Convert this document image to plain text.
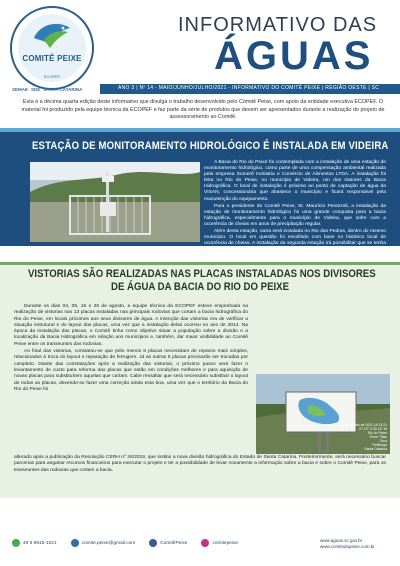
COMITÊ PEIXE
ECOPEF
INFORMATIVO DAS
ÁGUAS
ANO 3 | Nº 14 - MAIO/JUNHO/JULHO/2021 - INFORMATIVO DO COMITÊ PEIXE | REGIÃO OESTE | SC
SEMAE SDE SANTA CATARINA
Esta é a décima quarta edição deste informativo que divulga o trabalho desenvolvido pelo Comitê Peixe, com apoio da entidade executiva ECOPEF. O material foi produzido pela equipe técnica da ECOPEF e faz parte da série de produtos que devem ser apresentados durante a realização do projeto de assessoramento ao Comitê.
ESTAÇÃO DE MONITORAMENTO HIDROLÓGICO É INSTALADA EM VIDEIRA

A Bacia do Rio do Peixe foi contemplada com a instalação de uma estação de monitoramento hidrológico, como parte de uma compensação ambiental realizada pela empresa Somerê Indústria e Comércio de Alimentos LTDA. A instalação foi feita no Rio do Peixe, no município de Videira, um dos maiores da Bacia Hidrográfica. O local de instalação é próximo ao ponto de captação de água da VISAN, concessionária que abastece o município e ficará responsável pela manutenção do equipamento.

Para o presidente do Comitê Peixe, Sr. Maurício Perazzoli, a instalação da estação de monitoramento hidrológico foi uma grande conquista para a bacia hidrográfica, especialmente para o município de Videira, que sofre com a ocorrência de cheias em anos de precipitação regular.

Além desta estação, outra será instalada no Rio das Pedras, dentro do mesmo município. O local em questão foi escolhido com base no histórico local de ocorrência de cheias. A instalação da segunda estação irá possibilitar que se tenha conhecimento prévio da possibilidade de ocorrência de sinistros, possibilitando que os órgãos de defesa civil possam atuar na prevenção de desastres.

VISTORIAS SÃO REALIZADAS NAS PLACAS INSTALADAS NOS DIVISORES
DE ÁGUA DA BACIA DO RIO DO PEIXE

Durante os dias 04, 05, 16 e 25 de agosto, a equipe técnica da ECOPEF esteve empenhada na realização de vistorias nas 13 placas instaladas nas principais rodovias que cortam a bacia hidrográfica do Rio do Peixe, em locais próximos aos seus divisores de água. A intenção das vistorias era de verificar a situação estrutural e do layout das placas, uma vez que a instalação delas ocorreu no ano de 2014. Na época da instalação das placas, o Comitê tinha como objetivo situar a população sobre a divisão e a localização da Bacia Hidrográfica em relação aos municípios e, também, dar maior visibilidade ao Comitê Peixe entre os transeuntes das rodovias.

Ao final das vistorias, constatou-se que pelo menos 8 placas necessitam de reparos mais simples, relacionados à troca do layout e reparação de ferrugem. Já as outras 5 placas precisarão ser trocadas por completo. Diante das constatações após a realização das vistorias, o próximo passo será fazer o levantamento de custo para reforma das placas que estão em condições melhores e para aquisição de novas placas para substituírem aquelas que caíram. Cabe ressaltar que será necessário substituir o layout de todas as placas, devendo-se fazer uma correção ainda esta boa, uma vez que o território da Bacia do Rio do Peixe foi

5 de agosto de 2021 14:13:21
27.15° S 50.14° W
Rio do Peixe
Treze Tílias
Orca
Treilburgo
Santa Catarina
alterado após a publicação da Resolução CERH nº 26/2019, que institui a nova divisão hidrográfica do Estado de Santa Catarina. Posteriormente, será necessário buscar parcerias para angariar recursos financeiros para executar o projeto e ter a possibilidade de levar novamente a informação sobre a bacia e sobre o Comitê Peixe, para os transeuntes das rodovias que cortam a bacia.
49 9 9815-1021	comite.peixe@gmail.com	ComitêPeixe	comitepeixe	www.aguas.sc.gov.br
www.comitedopeixe.com.br
